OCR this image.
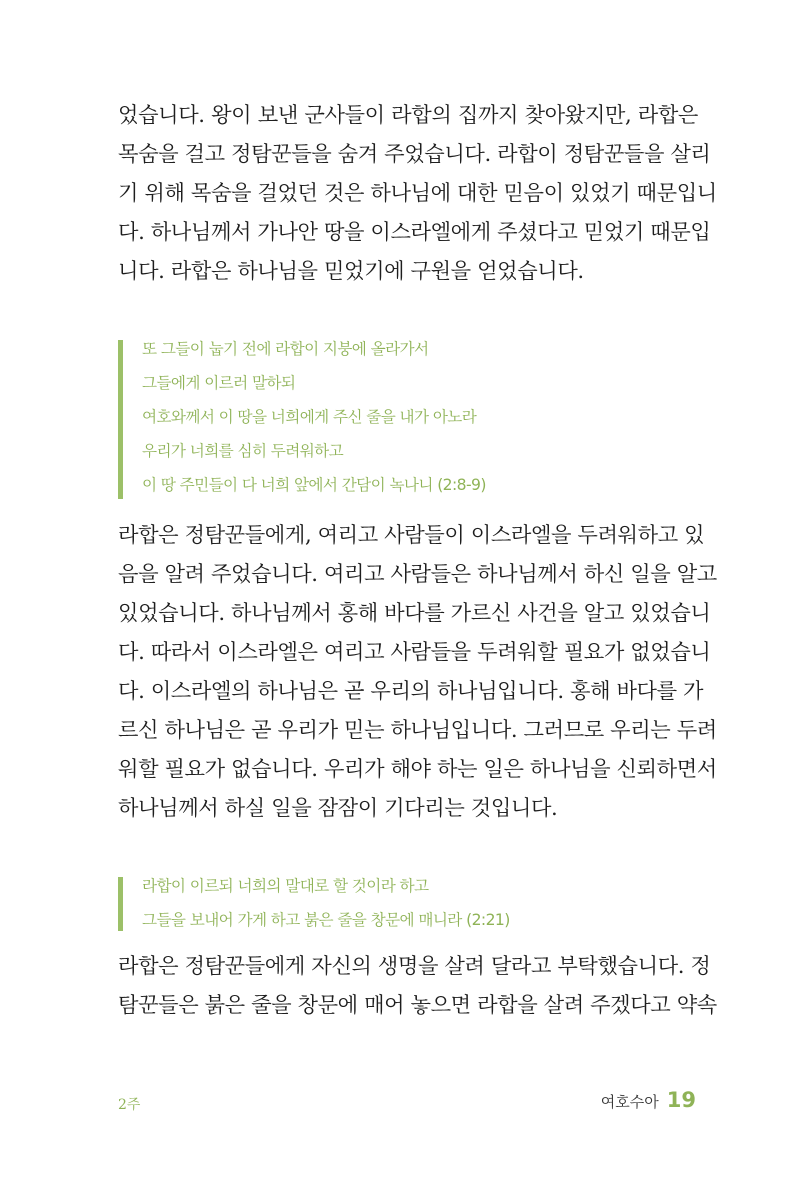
었습니다. 왕이 보낸 군사들이 라합의 집까지 찾아왔지만, 라합은
목숨을 걸고 정탐꾼들을 숨겨 주었습니다. 라합이 정탐꾼들을 살리
기 위해 목숨을 걸었던 것은 하나님에 대한 믿음이 있었기 때문입니
다. 하나님께서 가나안 땅을 이스라엘에게 주셨다고 믿었기 때문입
니다. 라합은 하나님을 믿었기에 구원을 얻었습니다.
또 그들이 눕기 전에 라합이 지붕에 올라가서
그들에게 이르러 말하되
여호와께서 이 땅을 너희에게 주신 줄을 내가 아노라
우리가 너희를 심히 두려워하고
이 땅 주민들이 다 너희 앞에서 간담이 녹나니 (2:8-9)
라합은 정탐꾼들에게, 여리고 사람들이 이스라엘을 두려워하고 있
음을 알려 주었습니다. 여리고 사람들은 하나님께서 하신 일을 알고
있었습니다. 하나님께서 홍해 바다를 가르신 사건을 알고 있었습니
다. 따라서 이스라엘은 여리고 사람들을 두려워할 필요가 없었습니
다. 이스라엘의 하나님은 곧 우리의 하나님입니다. 홍해 바다를 가
르신 하나님은 곧 우리가 믿는 하나님입니다. 그러므로 우리는 두려
워할 필요가 없습니다. 우리가 해야 하는 일은 하나님을 신뢰하면서
하나님께서 하실 일을 잠잠이 기다리는 것입니다.
라합이 이르되 너희의 말대로 할 것이라 하고
그들을 보내어 가게 하고 붉은 줄을 창문에 매니라 (2:21)
라합은 정탐꾼들에게 자신의 생명을 살려 달라고 부탁했습니다. 정
탐꾼들은 붉은 줄을 창문에 매어 놓으면 라합을 살려 주겠다고 약속
2주	여호수아 19
